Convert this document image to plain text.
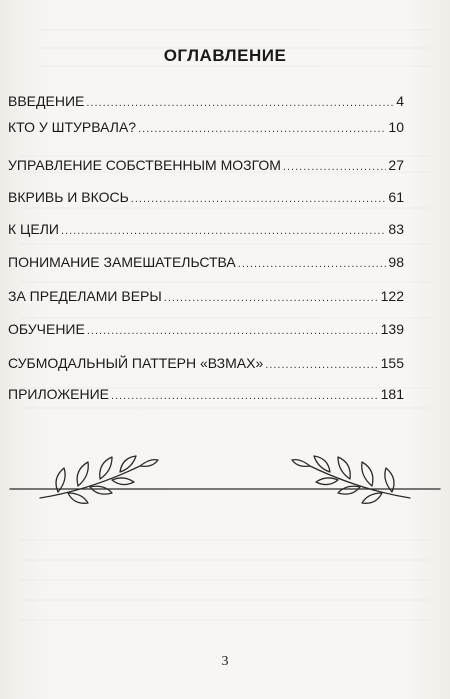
ОГЛАВЛЕНИЕ
ВВЕДЕНИЕ .....	4
КТО У ШТУРВАЛА? .....	10
УПРАВЛЕНИЕ СОБСТВЕННЫМ МОЗГОМ .....	27
ВКРИВЬ И ВКОСЬ .....	61
К ЦЕЛИ .....	83
ПОНИМАНИЕ ЗАМЕШАТЕЛЬСТВА .....	98
ЗА ПРЕДЕЛАМИ ВЕРЫ .....	122
ОБУЧЕНИЕ .....	139
СУБМОДАЛЬНЫЙ ПАТТЕРН «ВЗМАХ» .....	155
ПРИЛОЖЕНИЕ .....	181
3
